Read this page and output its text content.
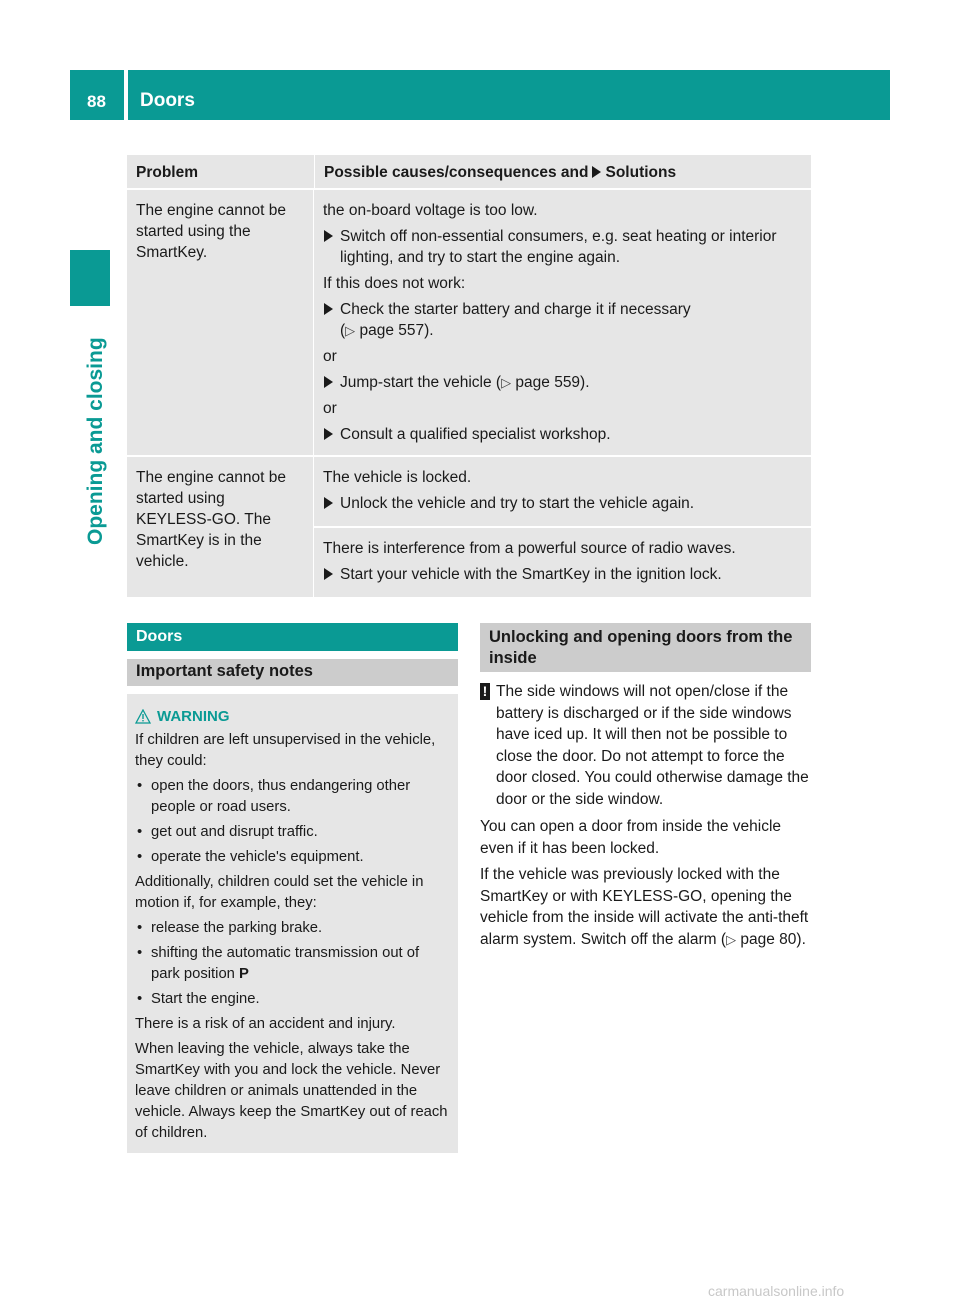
88	Doors
Opening and closing
Problem	Possible causes/consequences and Solutions
The engine cannot be started using the SmartKey.
the on-board voltage is too low.
Switch off non-essential consumers, e.g. seat heating or interior lighting, and try to start the engine again.
If this does not work:
Check the starter battery and charge it if necessary
(▷ page 557).
or
Jump-start the vehicle (▷ page 559).
or
Consult a qualified specialist workshop.
The engine cannot be started using KEYLESS-GO. The SmartKey is in the vehicle.
The vehicle is locked.
Unlock the vehicle and try to start the vehicle again.
There is interference from a powerful source of radio waves.
Start your vehicle with the SmartKey in the ignition lock.
Doors
Important safety notes
WARNING
If children are left unsupervised in the vehicle, they could:
• open the doors, thus endangering other people or road users.
• get out and disrupt traffic.
• operate the vehicle's equipment.
Additionally, children could set the vehicle in motion if, for example, they:
• release the parking brake.
• shifting the automatic transmission out of park position P
• Start the engine.
There is a risk of an accident and injury.
When leaving the vehicle, always take the SmartKey with you and lock the vehicle. Never leave children or animals unattended in the vehicle. Always keep the SmartKey out of reach of children.
Unlocking and opening doors from the inside
! The side windows will not open/close if the battery is discharged or if the side windows have iced up. It will then not be possible to close the door. Do not attempt to force the door closed. You could otherwise damage the door or the side window.
You can open a door from inside the vehicle even if it has been locked.
If the vehicle was previously locked with the SmartKey or with KEYLESS-GO, opening the vehicle from the inside will activate the anti-theft alarm system. Switch off the alarm (▷ page 80).
carmanualsonline.info
